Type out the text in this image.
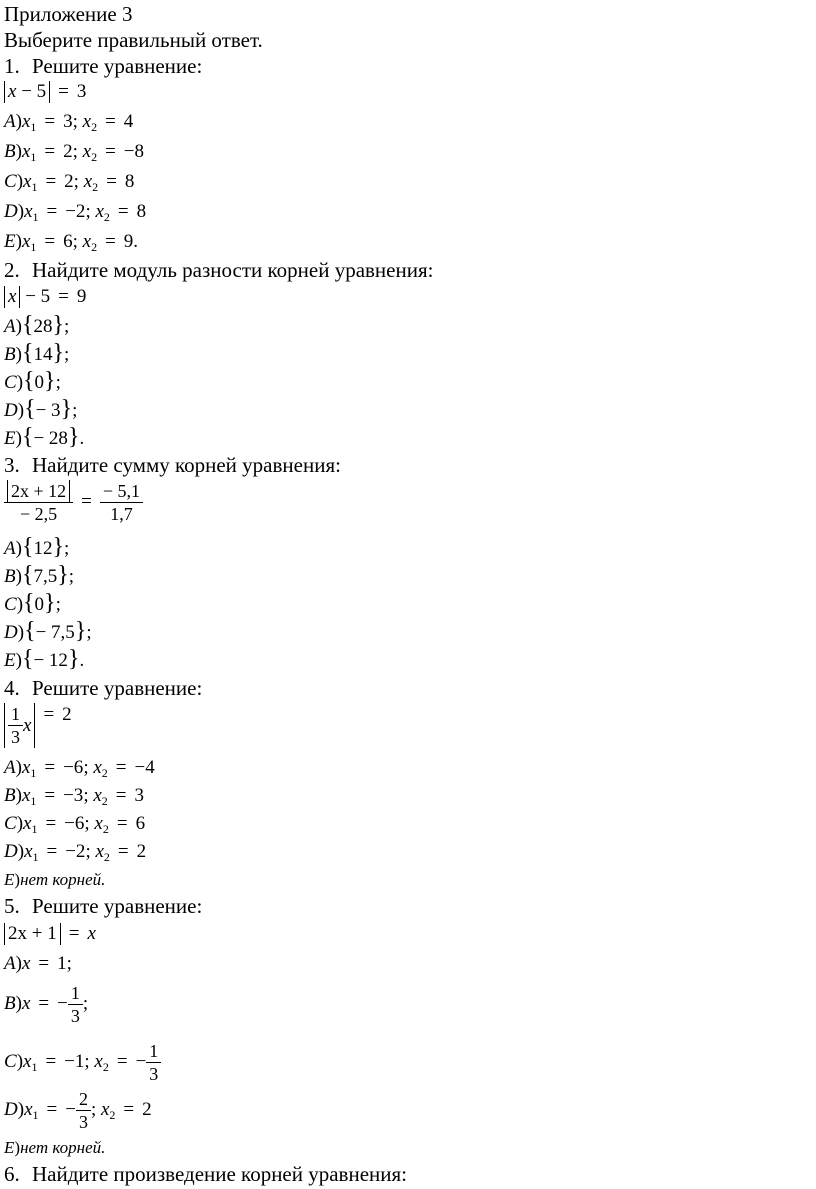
Приложение 3
Выберите правильный ответ.
1. Решите уравнение:
x − 5 = 3
$A)x_1 = 3$; $x_2 = 4$
$B)x_1 = 2$; $x_2 = -8$
$C)x_1 = 2$; $x_2 = 8$
$D)x_1 = -2$; $x_2 = 8$
$E)x_1 = 6$; $x_2 = 9$.
2. Найдите модуль разности корней уравнения:
x − 5 = 9
A){28};
B){14};
C){0};
D){− 3};
E){− 28}.
3. Найдите сумму корней уравнения:
$\frac{2x + 12}{- 2,5} = \frac{- 5,1}{1,7}$
A){12};
B){7,5};
C){0};
D){− 7,5};
E){− 12}.
4. Решите уравнение:
$\frac{1}{3}$ x = 2
$A)x_1 = -6$; $x_2 = -4$
$B)x_1 = -3$; $x_2 = 3$
$C)x_1 = -6$; $x_2 = 6$
$D)x_1 = -2$; $x_2 = 2$
E)нет корней.
5. Решите уравнение:
2x + 1 = x
A)x = 1;
B)x = − $\frac{1}{3}$ ;
$C)x_1 = -1$; $x_2$ = − $\frac{1}{3}$
$D)x_1$ = − $\frac{2}{3}$ ; $x_2 = 2$
E)нет корней.
6. Найдите произведение корней уравнения:
